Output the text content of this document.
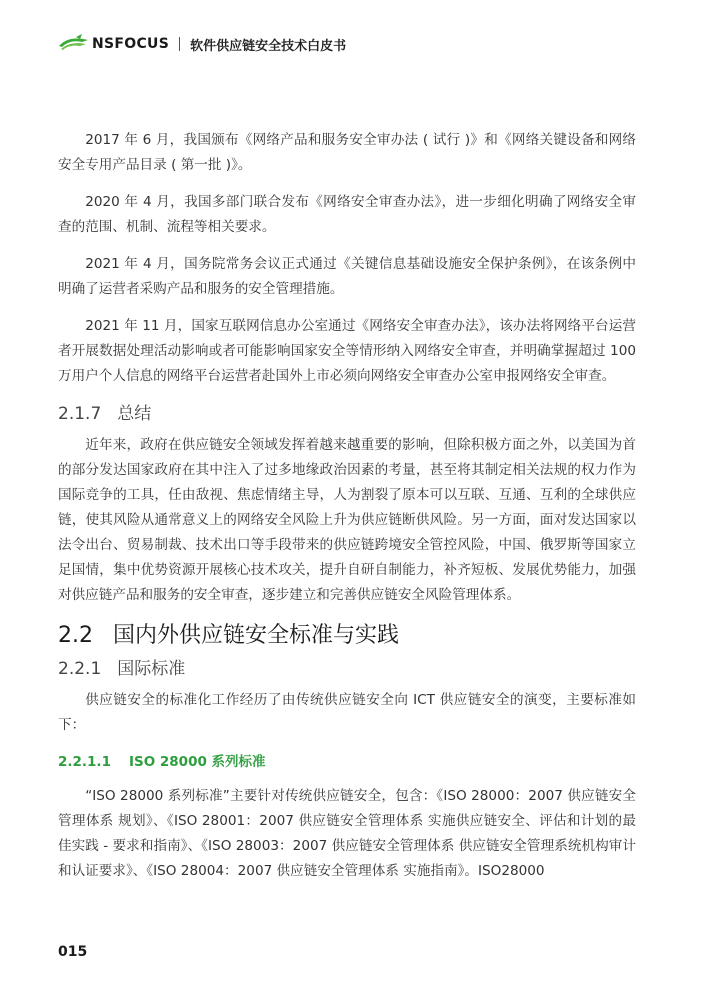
NSFOCUS 软件供应链安全技术白皮书

2017 年 6 月，我国颁布《网络产品和服务安全审办法 ( 试行 )》和《网络关键设备和网络安全专用产品目录 ( 第一批 )》。

2020 年 4 月，我国多部门联合发布《网络安全审查办法》，进一步细化明确了网络安全审查的范围、机制、流程等相关要求。

2021 年 4 月，国务院常务会议正式通过《关键信息基础设施安全保护条例》，在该条例中明确了运营者采购产品和服务的安全管理措施。

2021 年 11 月，国家互联网信息办公室通过《网络安全审查办法》，该办法将网络平台运营者开展数据处理活动影响或者可能影响国家安全等情形纳入网络安全审查，并明确掌握超过 100 万用户个人信息的网络平台运营者赴国外上市必须向网络安全审查办公室申报网络安全审查。

2.1.7 总结

近年来，政府在供应链安全领域发挥着越来越重要的影响，但除积极方面之外，以美国为首的部分发达国家政府在其中注入了过多地缘政治因素的考量，甚至将其制定相关法规的权力作为国际竞争的工具，任由敌视、焦虑情绪主导，人为割裂了原本可以互联、互通、互利的全球供应链，使其风险从通常意义上的网络安全风险上升为供应链断供风险。另一方面，面对发达国家以法令出台、贸易制裁、技术出口等手段带来的供应链跨境安全管控风险，中国、俄罗斯等国家立足国情，集中优势资源开展核心技术攻关，提升自研自制能力，补齐短板、发展优势能力，加强对供应链产品和服务的安全审查，逐步建立和完善供应链安全风险管理体系。

2.2 国内外供应链安全标准与实践
2.2.1 国际标准

供应链安全的标准化工作经历了由传统供应链安全向 ICT 供应链安全的演变，主要标准如下：

2.2.1.1 ISO 28000 系列标准

“ISO 28000 系列标准”主要针对传统供应链安全，包含：《ISO 28000：2007 供应链安全管理体系 规划》、《ISO 28001：2007 供应链安全管理体系 实施供应链安全、评估和计划的最佳实践 - 要求和指南》、《ISO 28003：2007 供应链安全管理体系 供应链安全管理系统机构审计和认证要求》、《ISO 28004：2007 供应链安全管理体系 实施指南》。ISO28000

015
